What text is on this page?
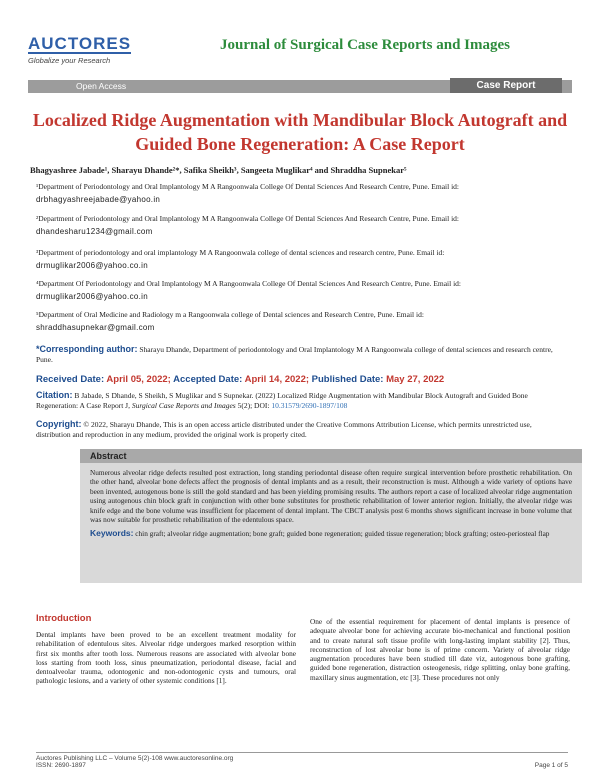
AUCTORES
Globalize your Research
Journal of Surgical Case Reports and Images
Open Access	Case Report
Localized Ridge Augmentation with Mandibular Block Autograft and Guided Bone Regeneration: A Case Report
Bhagyashree Jabade¹, Sharayu Dhande²*, Safika Sheikh³, Sangeeta Muglikar⁴ and Shraddha Supnekar⁵
¹Department of Periodontology and Oral Implantology M A Rangoonwala College Of Dental Sciences And Research Centre, Pune. Email id:
drbhagyashreejabade@yahoo.in
²Department of Periodontology and Oral Implantology M A Rangoonwala College Of Dental Sciences And Research Centre, Pune. Email id:
dhandesharu1234@gmail.com
³Department of periodontology and oral implantology M A Rangoonwala college of dental sciences and research centre, Pune. Email id:
drmuglikar2006@yahoo.co.in
⁴Department Of Periodontology and Oral Implantology M A Rangoonwala College Of Dental Sciences And Research Centre, Pune. Email id:
drmuglikar2006@yahoo.co.in
⁵Department of Oral Medicine and Radiology m a Rangoonwala college of Dental sciences and Research Centre, Pune. Email id:
shraddhasupnekar@gmail.com
*Corresponding author: Sharayu Dhande, Department of periodontology and Oral Implantology M A Rangoonwala college of dental sciences and research centre, Pune.
Received Date: April 05, 2022; Accepted Date: April 14, 2022; Published Date: May 27, 2022
Citation: B Jabade, S Dhande, S Sheikh, S Muglikar and S Supnekar. (2022) Localized Ridge Augmentation with Mandibular Block Autograft and Guided Bone Regeneration: A Case Report J, Surgical Case Reports and Images 5(2); DOI: 10.31579/2690-1897/108
Copyright: © 2022, Sharayu Dhande, This is an open access article distributed under the Creative Commons Attribution License, which permits unrestricted use, distribution and reproduction in any medium, provided the original work is properly cited.
Abstract
Numerous alveolar ridge defects resulted post extraction, long standing periodontal disease often require surgical intervention before prosthetic rehabilitation. On the other hand, alveolar bone defects affect the prognosis of dental implants and as a result, their reconstruction is must. Although a wide variety of options have been invented, autogenous bone is still the gold standard and has been yielding promising results. The authors report a case of localized alveolar ridge augmentation using autogenous chin block graft in conjunction with other bone substitutes for prosthetic rehabilitation of lower anterior region. Initially, the alveolar ridge was knife edge and the bone volume was insufficient for placement of dental implant. The CBCT analysis post 6 months shows significant increase in bone volume that was now suitable for prosthetic rehabilitation of the edentulous space.
Keywords: chin graft; alveolar ridge augmentation; bone graft; guided bone regeneration; guided tissue regeneration; block grafting; osteo-periosteal flap
Introduction
Dental implants have been proved to be an excellent treatment modality for rehabilitation of edentulous sites. Alveolar ridge undergoes marked resorption within first six months after tooth loss. Numerous reasons are associated with alveolar bone loss starting from tooth loss, sinus pneumatization, periodontal disease, facial and dentoalveolar trauma, odontogenic and non-odontogenic cysts and tumours, oral pathologic lesions, and a variety of other systemic conditions [1].
One of the essential requirement for placement of dental implants is presence of adequate alveolar bone for achieving accurate bio-mechanical and functional position and to create natural soft tissue profile with long-lasting implant stability [2]. Thus, reconstruction of lost alveolar bone is of prime concern. Variety of alveolar ridge augmentation procedures have been studied till date viz, autogenous bone grafting, guided bone regeneration, distraction osteogenesis, ridge splitting, onlay bone grafting, maxillary sinus augmentation, etc [3]. These procedures not only
Auctores Publishing LLC – Volume 5(2)-108 www.auctoresonline.org
ISSN: 2690-1897	Page 1 of 5
